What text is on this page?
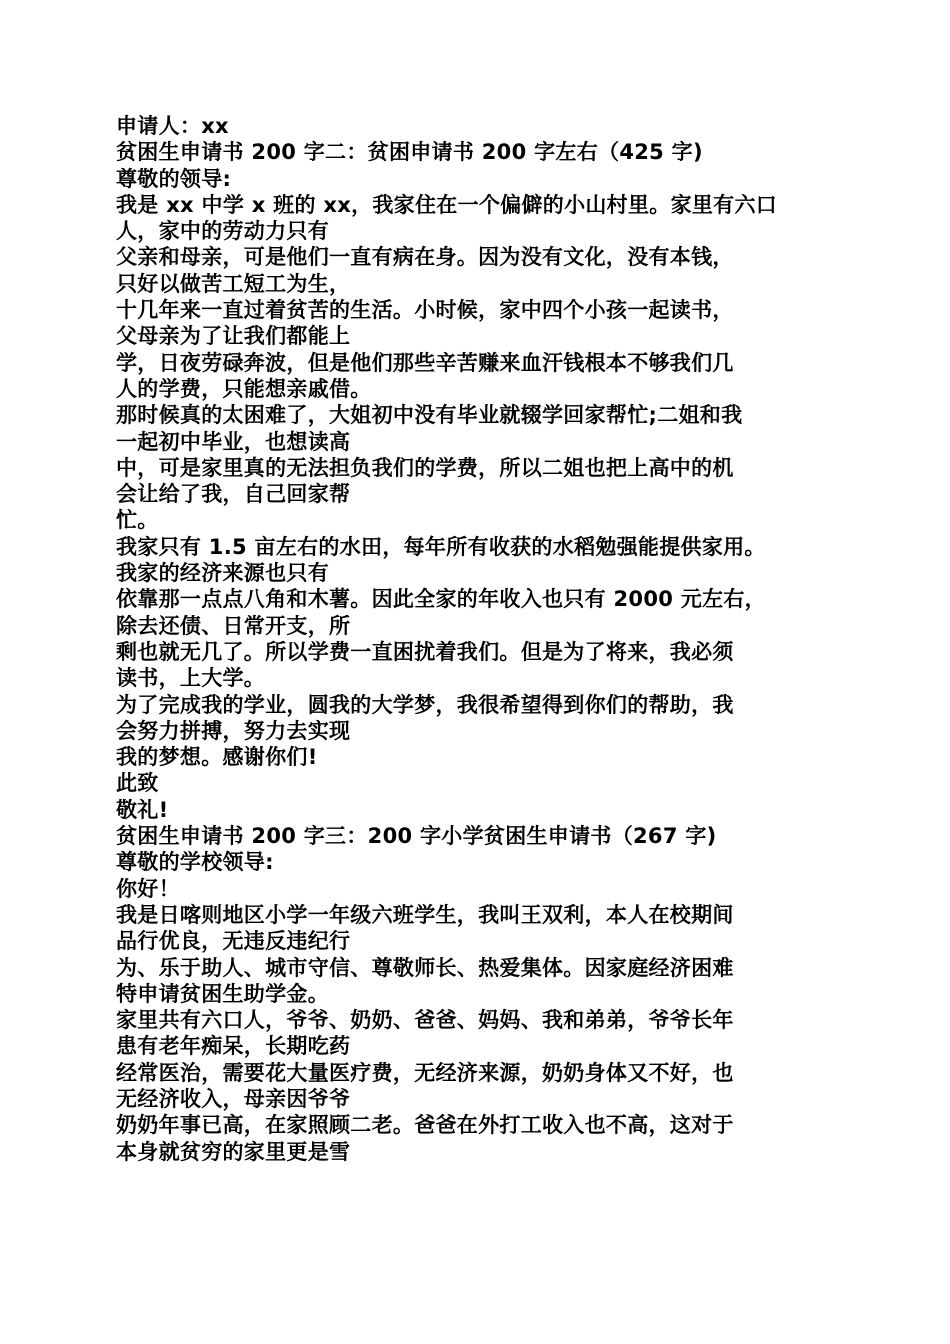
申请人：xx
贫困生申请书 200 字二：贫困申请书 200 字左右（425 字)
尊敬的领导:
我是 xx 中学 x 班的 xx，我家住在一个偏僻的小山村里。家里有六口
人，家中的劳动力只有
父亲和母亲，可是他们一直有病在身。因为没有文化，没有本钱，
只好以做苦工短工为生，
十几年来一直过着贫苦的生活。小时候，家中四个小孩一起读书，
父母亲为了让我们都能上
学，日夜劳碌奔波，但是他们那些辛苦赚来血汗钱根本不够我们几
人的学费，只能想亲戚借。
那时候真的太困难了，大姐初中没有毕业就辍学回家帮忙;二姐和我
一起初中毕业，也想读高
中，可是家里真的无法担负我们的学费，所以二姐也把上高中的机
会让给了我，自己回家帮
忙。
我家只有 1.5 亩左右的水田，每年所有收获的水稻勉强能提供家用。
我家的经济来源也只有
依靠那一点点八角和木薯。因此全家的年收入也只有 2000 元左右，
除去还债、日常开支，所
剩也就无几了。所以学费一直困扰着我们。但是为了将来，我必须
读书，上大学。
为了完成我的学业，圆我的大学梦，我很希望得到你们的帮助，我
会努力拼搏，努力去实现
我的梦想。感谢你们!
此致
敬礼!
贫困生申请书 200 字三：200 字小学贫困生申请书（267 字)
尊敬的学校领导:
你好！
我是日喀则地区小学一年级六班学生，我叫王双利，本人在校期间
品行优良，无违反违纪行
为、乐于助人、城市守信、尊敬师长、热爱集体。因家庭经济困难
特申请贫困生助学金。
家里共有六口人，爷爷、奶奶、爸爸、妈妈、我和弟弟，爷爷长年
患有老年痴呆，长期吃药
经常医治，需要花大量医疗费，无经济来源，奶奶身体又不好，也
无经济收入，母亲因爷爷
奶奶年事已高，在家照顾二老。爸爸在外打工收入也不高，这对于
本身就贫穷的家里更是雪
